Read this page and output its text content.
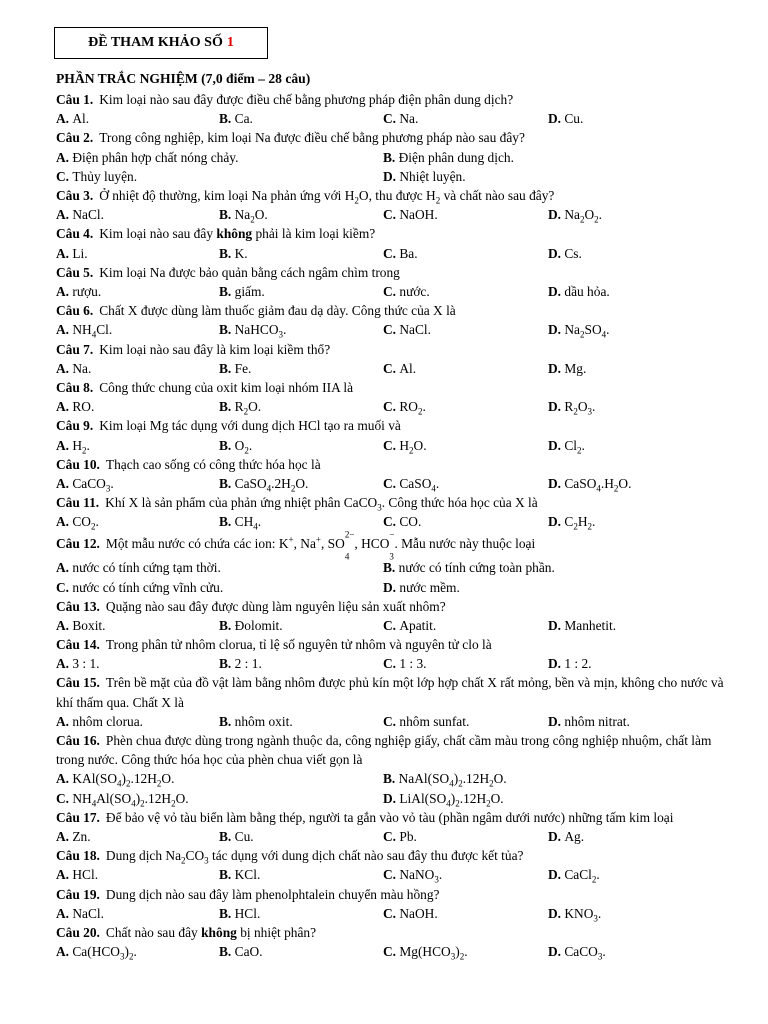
ĐỀ THAM KHẢO SỐ 1
PHẦN TRẮC NGHIỆM (7,0 điểm – 28 câu)
Câu 1. Kim loại nào sau đây được điều chế bằng phương pháp điện phân dung dịch?
A. Al.	B. Ca.	C. Na.	D. Cu.
Câu 2. Trong công nghiệp, kim loại Na được điều chế bằng phương pháp nào sau đây?
A. Điện phân hợp chất nóng chảy.	B. Điện phân dung dịch.
C. Thủy luyện.	D. Nhiệt luyện.
Câu 3. Ở nhiệt độ thường, kim loại Na phản ứng với $H_2O$, thu được $H_2$ và chất nào sau đây?
A. NaCl.	B. $Na_2O$.	C. NaOH.	D. $Na_2O_2$.
Câu 4. Kim loại nào sau đây không phải là kim loại kiềm?
A. Li.	B. K.	C. Ba.	D. Cs.
Câu 5. Kim loại Na được bảo quản bằng cách ngâm chìm trong
A. rượu.	B. giấm.	C. nước.	D. dầu hỏa.
Câu 6. Chất X được dùng làm thuốc giảm đau dạ dày. Công thức của X là
A. $NH_4Cl$.	B. NaHCO$_3$.	C. NaCl.	D. $Na_2SO_4$.
Câu 7. Kim loại nào sau đây là kim loại kiềm thổ?
A. Na.	B. Fe.	C. Al.	D. Mg.
Câu 8. Công thức chung của oxit kim loại nhóm IIA là
A. RO.	B. $R_2O$.	C. $RO_2$.	D. $R_2O_3$.
Câu 9. Kim loại Mg tác dụng với dung dịch HCl tạo ra muối và
A. $H_2$.	B. $O_2$.	C. $H_2O$.	D. $Cl_2$.
Câu 10. Thạch cao sống có công thức hóa học là
A. CaCO$_3$.	B. $CaSO_4.2H_2O$.	C. CaSO$_4$.	D. $CaSO_4.H_2O$.
Câu 11. Khí X là sản phẩm của phản ứng nhiệt phân CaCO$_3$. Công thức hóa học của X là
A. $CO_2$.	B. $CH_4$.	C. CO.	D. $C_2H_2$.
Câu 12. Một mẫu nước có chứa các ion: K+, Na+, $SO^{2-}$
$_4$, HCO−
$_3$. Mẫu nước này thuộc loại
A. nước có tính cứng tạm thời.	B. nước có tính cứng toàn phần.
C. nước có tính cứng vĩnh cửu.	D. nước mềm.
Câu 13. Quặng nào sau đây được dùng làm nguyên liệu sản xuất nhôm?
A. Boxit.	B. Đolomit.	C. Apatit.	D. Manhetit.
Câu 14. Trong phân tử nhôm clorua, tỉ lệ số nguyên tử nhôm và nguyên tử clo là
A. 3 : 1.	B. 2 : 1.	C. 1 : 3.	D. 1 : 2.
Câu 15. Trên bề mặt của đồ vật làm bằng nhôm được phủ kín một lớp hợp chất X rất mỏng, bền và mịn, không cho nước và khí thấm qua. Chất X là
A. nhôm clorua.	B. nhôm oxit.	C. nhôm sunfat.	D. nhôm nitrat.
Câu 16. Phèn chua được dùng trong ngành thuộc da, công nghiệp giấy, chất cầm màu trong công nghiệp nhuộm, chất làm trong nước. Công thức hóa học của phèn chua viết gọn là
A. $KAl(SO_4)_2.12H_2O$.	B. $NaAl(SO_4)_2.12H_2O$.
C. $NH_4Al(SO_4)_2.12H_2O$.	D. $LiAl(SO_4)_2.12H_2O$.
Câu 17. Để bảo vệ vỏ tàu biển làm bằng thép, người ta gắn vào vỏ tàu (phần ngâm dưới nước) những tấm kim loại
A. Zn.	B. Cu.	C. Pb.	D. Ag.
Câu 18. Dung dịch $Na_2CO_3$ tác dụng với dung dịch chất nào sau đây thu được kết tủa?
A. HCl.	B. KCl.	C. NaNO$_3$.	D. CaCl$_2$.
Câu 19. Dung dịch nào sau đây làm phenolphtalein chuyển màu hồng?
A. NaCl.	B. HCl.	C. NaOH.	D. $KNO_3$.
Câu 20. Chất nào sau đây không bị nhiệt phân?
A. $Ca(HCO_3)_2$.	B. CaO.	C. $Mg(HCO_3)_2$.	D. CaCO$_3$.
